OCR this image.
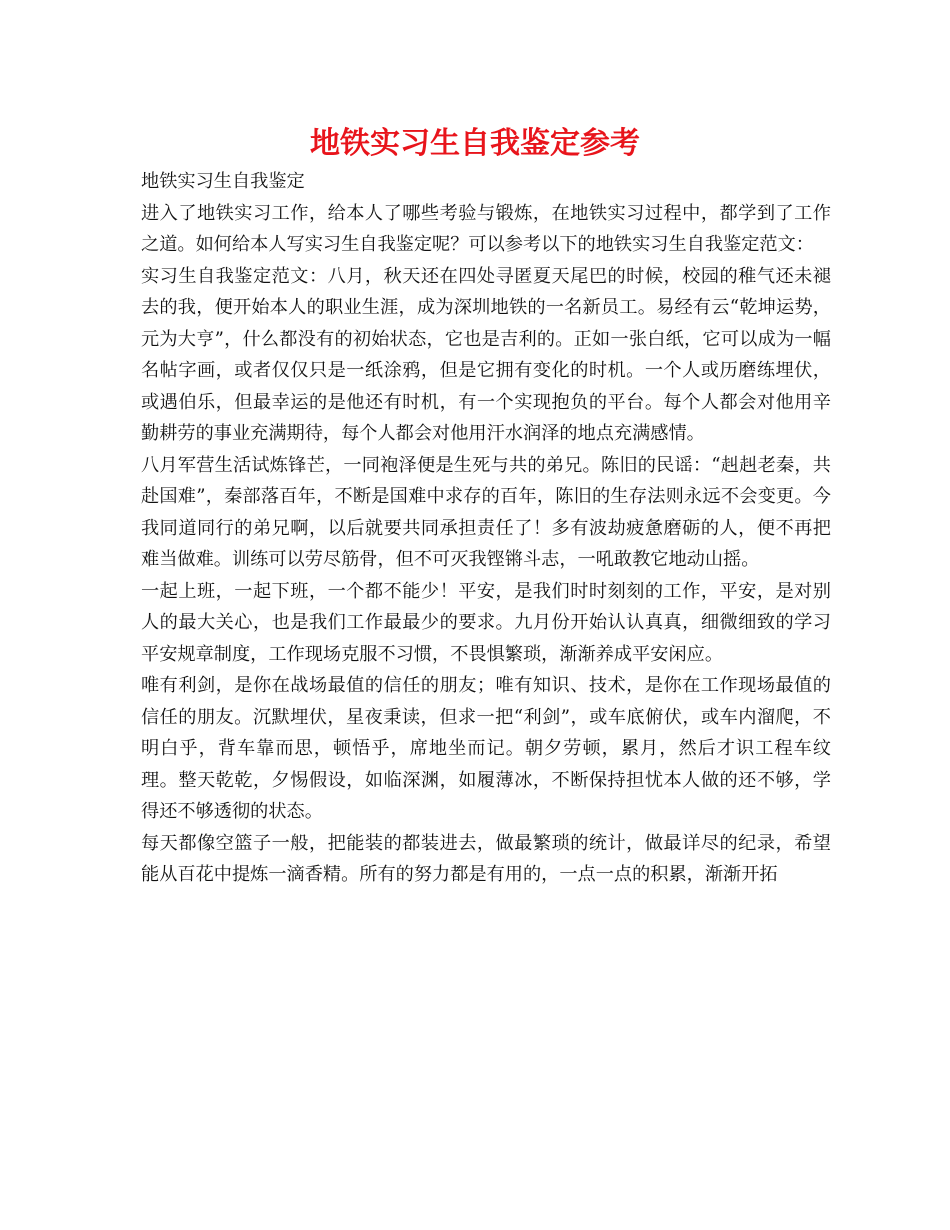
地铁实习生自我鉴定参考

地铁实习生自我鉴定

进入了地铁实习工作，给本人了哪些考验与锻炼，在地铁实习过程中，都学到了工作之道。如何给本人写实习生自我鉴定呢？可以参考以下的地铁实习生自我鉴定范文：

实习生自我鉴定范文：八月，秋天还在四处寻匿夏天尾巴的时候，校园的稚气还未褪去的我，便开始本人的职业生涯，成为深圳地铁的一名新员工。易经有云“乾坤运势，元为大亨”，什么都没有的初始状态，它也是吉利的。正如一张白纸，它可以成为一幅名帖字画，或者仅仅只是一纸涂鸦，但是它拥有变化的时机。一个人或历磨练埋伏，或遇伯乐，但最幸运的是他还有时机，有一个实现抱负的平台。每个人都会对他用辛勤耕劳的事业充满期待，每个人都会对他用汗水润泽的地点充满感情。

八月军营生活试炼锋芒，一同袍泽便是生死与共的弟兄。陈旧的民谣：“赳赳老秦，共赴国难”，秦部落百年，不断是国难中求存的百年，陈旧的生存法则永远不会变更。今我同道同行的弟兄啊，以后就要共同承担责任了！多有波劫疲惫磨砺的人，便不再把难当做难。训练可以劳尽筋骨，但不可灭我铿锵斗志，一吼敢教它地动山摇。

一起上班，一起下班，一个都不能少！平安，是我们时时刻刻的工作，平安，是对别人的最大关心，也是我们工作最最少的要求。九月份开始认认真真，细微细致的学习平安规章制度，工作现场克服不习惯，不畏惧繁琐，渐渐养成平安闲应。

唯有利剑，是你在战场最值的信任的朋友；唯有知识、技术，是你在工作现场最值的信任的朋友。沉默埋伏，星夜秉读，但求一把“利剑”，或车底俯伏，或车内溜爬，不明白乎，背车靠而思，顿悟乎，席地坐而记。朝夕劳顿，累月，然后才识工程车纹理。整天乾乾，夕惕假设，如临深渊，如履薄冰，不断保持担忧本人做的还不够，学得还不够透彻的状态。

每天都像空篮子一般，把能装的都装进去，做最繁琐的统计，做最详尽的纪录，希望能从百花中提炼一滴香精。所有的努力都是有用的，一点一点的积累，渐渐开拓
